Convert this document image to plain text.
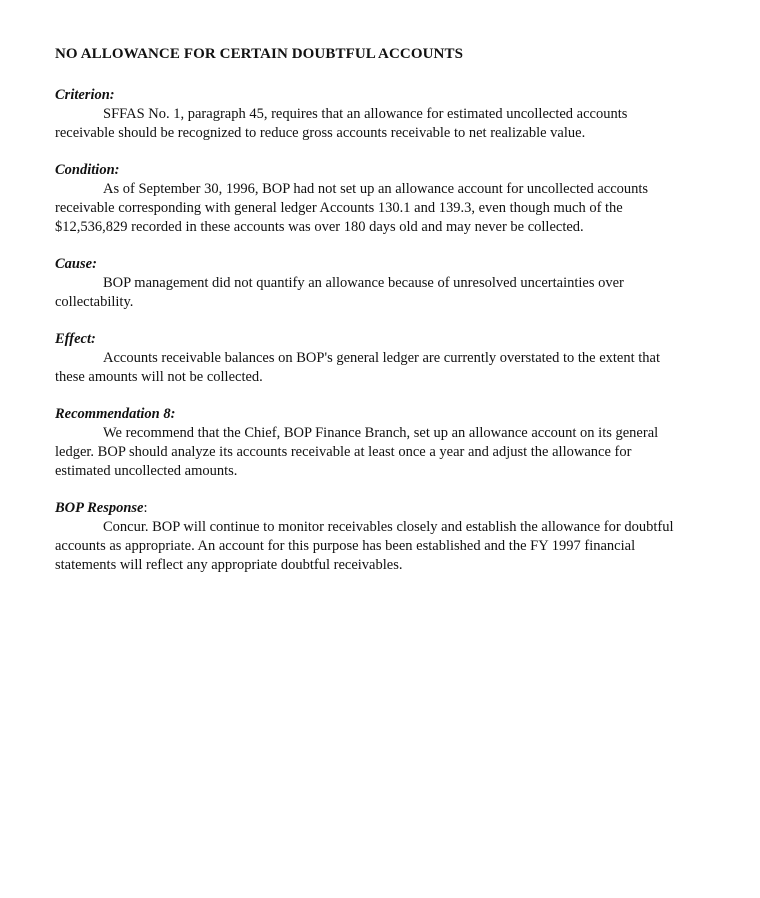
NO ALLOWANCE FOR CERTAIN DOUBTFUL ACCOUNTS

Criterion:

SFFAS No. 1, paragraph 45, requires that an allowance for estimated uncollected accounts receivable should be recognized to reduce gross accounts receivable to net realizable value.

Condition:

As of September 30, 1996, BOP had not set up an allowance account for uncollected accounts receivable corresponding with general ledger Accounts 130.1 and 139.3, even though much of the $12,536,829 recorded in these accounts was over 180 days old and may never be collected.

Cause:

BOP management did not quantify an allowance because of unresolved uncertainties over collectability.

Effect:

Accounts receivable balances on BOP's general ledger are currently overstated to the extent that these amounts will not be collected.

Recommendation 8:

We recommend that the Chief, BOP Finance Branch, set up an allowance account on its general ledger. BOP should analyze its accounts receivable at least once a year and adjust the allowance for estimated uncollected amounts.

BOP Response:

Concur. BOP will continue to monitor receivables closely and establish the allowance for doubtful accounts as appropriate. An account for this purpose has been established and the FY 1997 financial statements will reflect any appropriate doubtful receivables.
